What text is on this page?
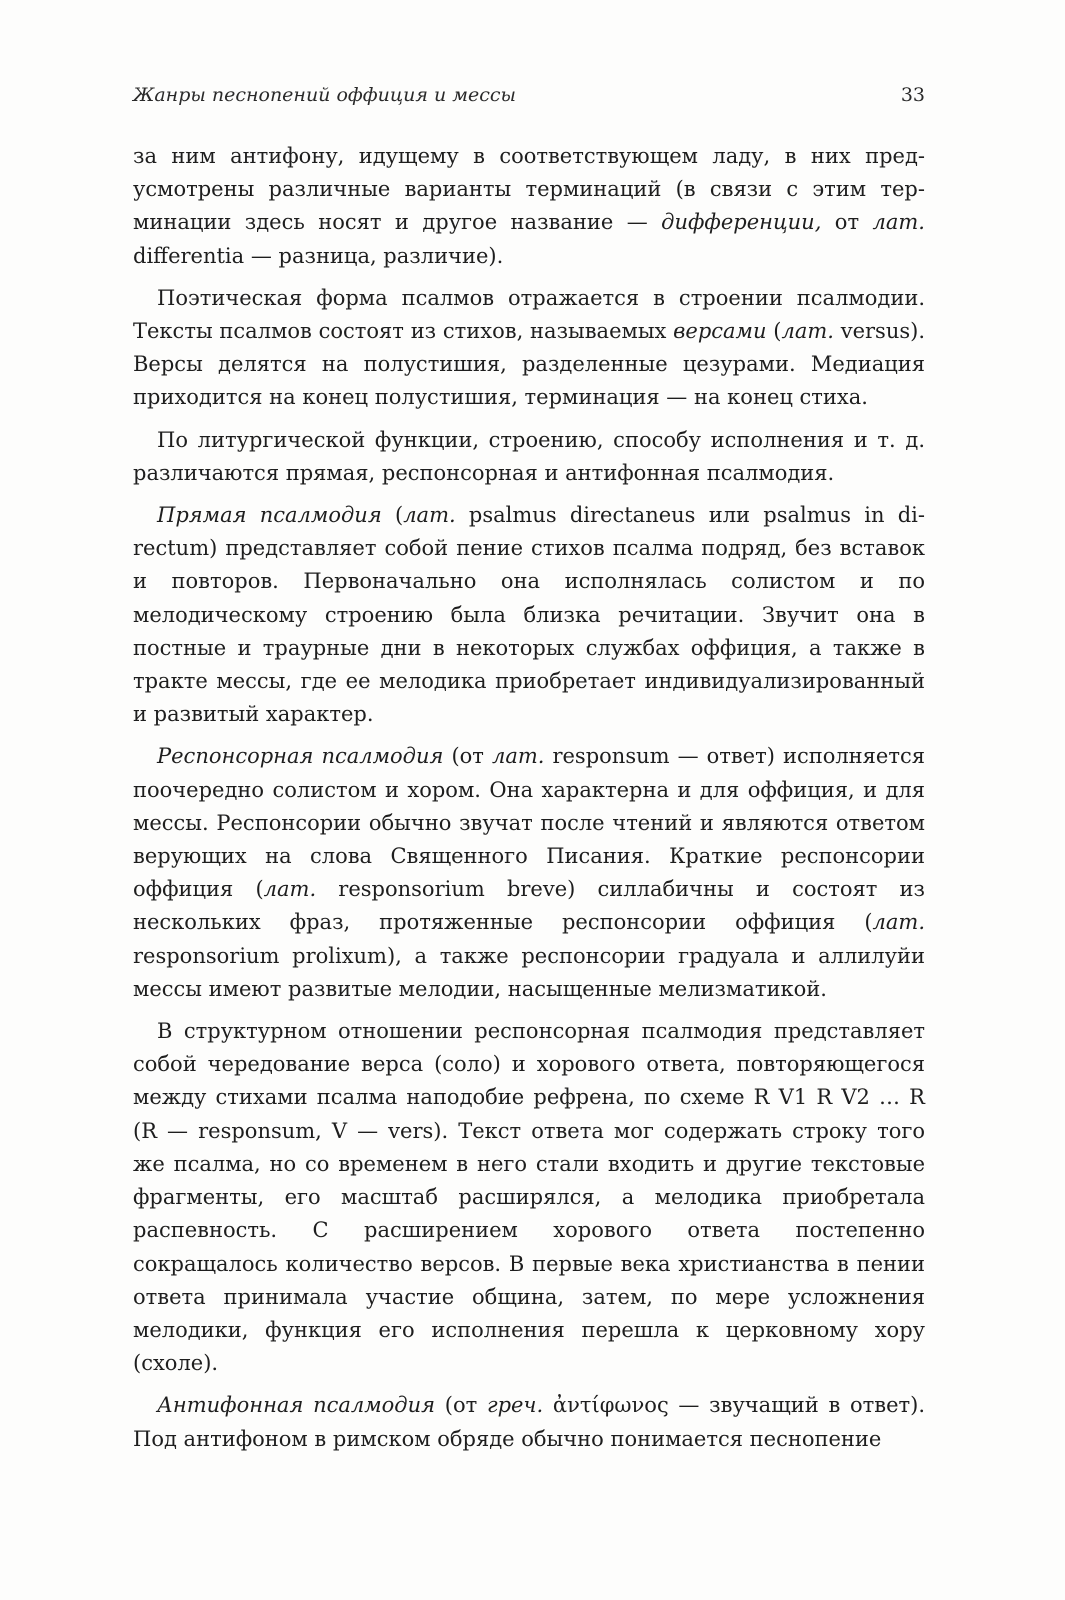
Жанры песнопений оффиция и мессы	33

за ним антифону, идущему в соответствующем ладу, в них предусмотрены различные варианты терминаций (в связи с этим терминации здесь носят и другое название — дифференции, от лат. differentia — разница, различие).

Поэтическая форма псалмов отражается в строении псалмодии. Тексты псалмов состоят из стихов, называемых версами (лат. versus). Версы делятся на полустишия, разделенные цезурами. Медиация приходится на конец полустишия, терминация — на конец стиха.

По литургической функции, строению, способу исполнения и т. д. различаются прямая, респонсорная и антифонная псалмодия.

Прямая псалмодия (лат. psalmus directaneus или psalmus in directum) представляет собой пение стихов псалма подряд, без вставок и повторов. Первоначально она исполнялась солистом и по мелодическому строению была близка речитации. Звучит она в постные и траурные дни в некоторых службах оффиция, а также в тракте мессы, где ее мелодика приобретает индивидуализированный и развитый характер.

Респонсорная псалмодия (от лат. responsum — ответ) исполняется поочередно солистом и хором. Она характерна и для оффиция, и для мессы. Респонсории обычно звучат после чтений и являются ответом верующих на слова Священного Писания. Краткие респонсории оффиция (лат. responsorium breve) силлабичны и состоят из нескольких фраз, протяженные респонсории оффиция (лат. responsorium prolixum), а также респонсории градуала и аллилуйи мессы имеют развитые мелодии, насыщенные мелизматикой.

В структурном отношении респонсорная псалмодия представляет собой чередование верса (соло) и хорового ответа, повторяющегося между стихами псалма наподобие рефрена, по схеме R V1 R V2 … R (R — responsum, V — vers). Текст ответа мог содержать строку того же псалма, но со временем в него стали входить и другие текстовые фрагменты, его масштаб расширялся, а мелодика приобретала распевность. С расширением хорового ответа постепенно сокращалось количество версов. В первые века христианства в пении ответа принимала участие община, затем, по мере усложнения мелодики, функция его исполнения перешла к церковному хору (схоле).

Антифонная псалмодия (от греч. ἀντίφωνος — звучащий в ответ). Под антифоном в римском обряде обычно понимается песнопение
